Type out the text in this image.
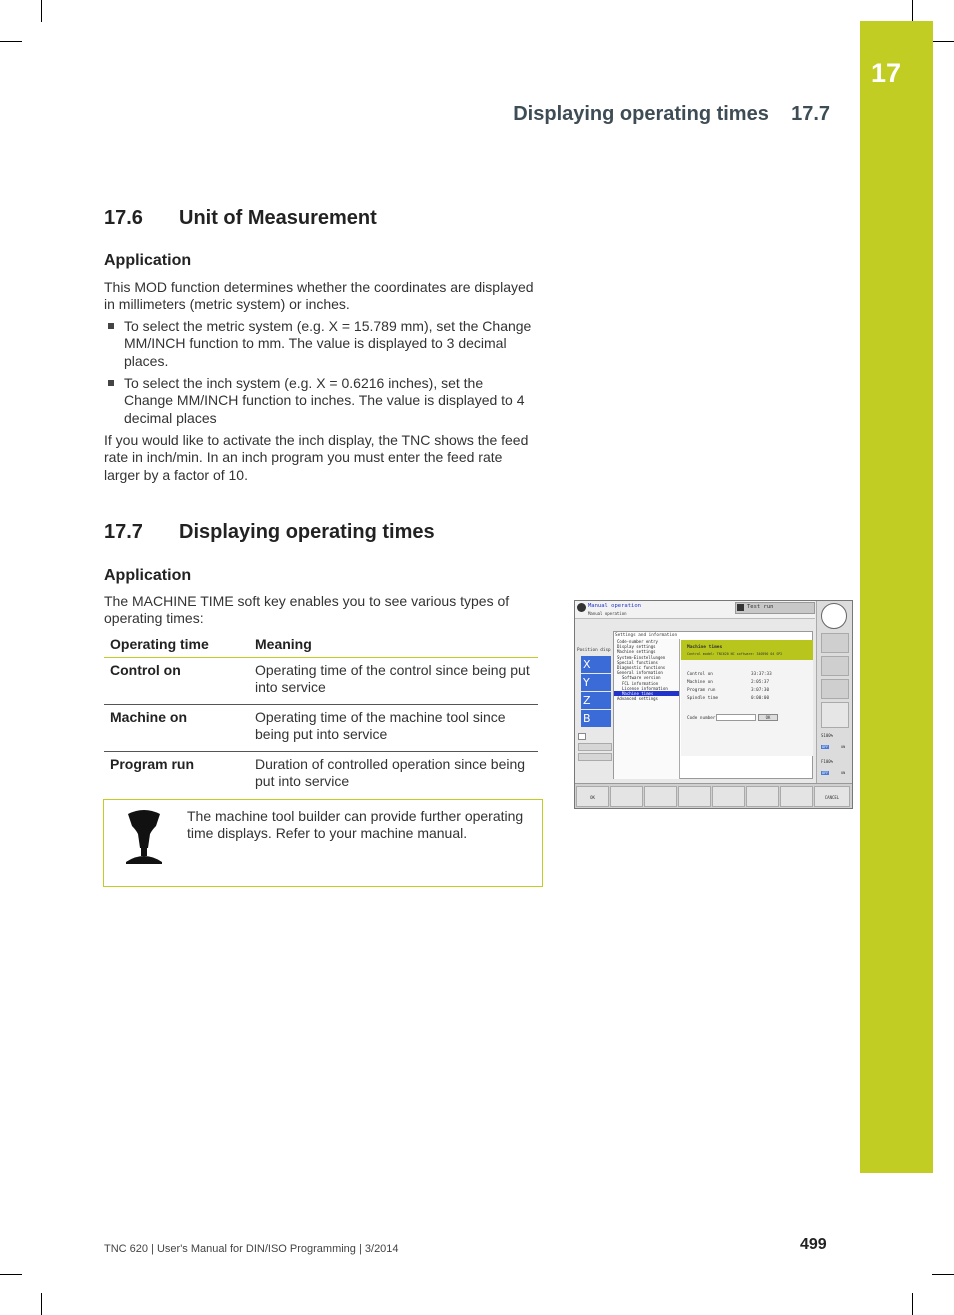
17
Displaying operating times    17.7
17.6 Unit of Measurement
Application
This MOD function determines whether the coordinates are displayed in millimeters (metric system) or inches.
To select the metric system (e.g. X = 15.789 mm), set the Change MM/INCH function to mm. The value is displayed to 3 decimal places.
To select the inch system (e.g. X = 0.6216 inches), set the Change MM/INCH function to inches. The value is displayed to 4 decimal places
If you would like to activate the inch display, the TNC shows the feed rate in inch/min. In an inch program you must enter the feed rate larger by a factor of 10.
17.7 Displaying operating times
Application
The MACHINE TIME soft key enables you to see various types of operating times:
Operating time	Meaning
Control on	Operating time of the control since being put into service
Machine on	Operating time of the machine tool since being put into service
Program run	Duration of controlled operation since being put into service
The machine tool builder can provide further operating time displays. Refer to your machine manual.
Manual operation
Manual operation
Test run
Position disp
X
Y
Z
B
Settings and information
Code-number entry
Display settings
Machine settings
System-Einstellungen
Special functions
Diagnostic functions
General information
Software version
FCL information
License information
Machine times
Advanced settings
Machine times
Control model: TNC620 NC software: 340590 04 SP2
Control on	33:37:33
Machine on	2:05:37
Program run	3:07:30
Spindle time	0:00:00
Code number	OK
S100%
OFF	ON
F100%
OFF	ON
OK	CANCEL
TNC 620 | User's Manual for DIN/ISO Programming | 3/2014	499
